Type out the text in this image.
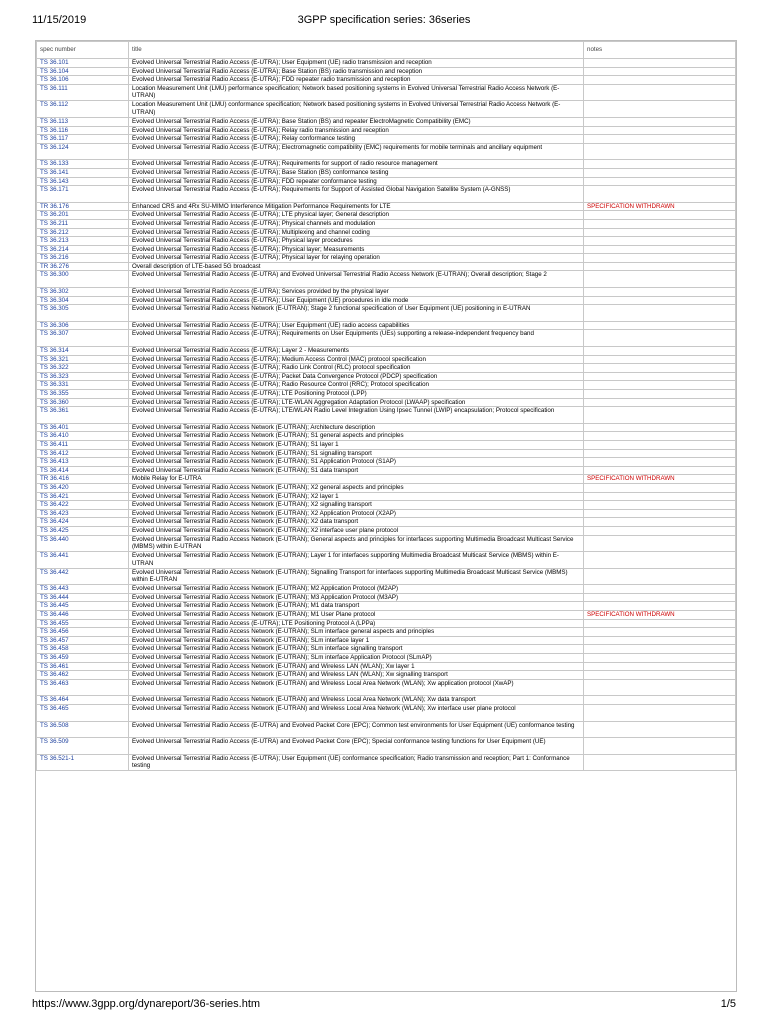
11/15/2019	3GPP specification series: 36series
spec number	title	notes
TS 36.101	Evolved Universal Terrestrial Radio Access (E-UTRA); User Equipment (UE) radio transmission and reception	
TS 36.104	Evolved Universal Terrestrial Radio Access (E-UTRA); Base Station (BS) radio transmission and reception	
TS 36.106	Evolved Universal Terrestrial Radio Access (E-UTRA); FDD repeater radio transmission and reception	
TS 36.111	Location Measurement Unit (LMU) performance specification; Network based positioning systems in Evolved Universal Terrestrial Radio Access Network (E-UTRAN)	
TS 36.112	Location Measurement Unit (LMU) conformance specification; Network based positioning systems in Evolved Universal Terrestrial Radio Access Network (E-UTRAN)	
TS 36.113	Evolved Universal Terrestrial Radio Access (E-UTRA); Base Station (BS) and repeater ElectroMagnetic Compatibility (EMC)	
TS 36.116	Evolved Universal Terrestrial Radio Access (E-UTRA); Relay radio transmission and reception	
TS 36.117	Evolved Universal Terrestrial Radio Access (E-UTRA); Relay conformance testing	
TS 36.124	Evolved Universal Terrestrial Radio Access (E-UTRA); Electromagnetic compatibility (EMC) requirements for mobile terminals and ancillary equipment	
TS 36.133	Evolved Universal Terrestrial Radio Access (E-UTRA); Requirements for support of radio resource management	
TS 36.141	Evolved Universal Terrestrial Radio Access (E-UTRA); Base Station (BS) conformance testing	
TS 36.143	Evolved Universal Terrestrial Radio Access (E-UTRA); FDD repeater conformance testing	
TS 36.171	Evolved Universal Terrestrial Radio Access (E-UTRA); Requirements for Support of Assisted Global Navigation Satellite System (A-GNSS)	
TR 36.176	Enhanced CRS and 4Rx SU-MIMO Interference Mitigation Performance Requirements for LTE	SPECIFICATION WITHDRAWN
TS 36.201	Evolved Universal Terrestrial Radio Access (E-UTRA); LTE physical layer; General description	
TS 36.211	Evolved Universal Terrestrial Radio Access (E-UTRA); Physical channels and modulation	
TS 36.212	Evolved Universal Terrestrial Radio Access (E-UTRA); Multiplexing and channel coding	
TS 36.213	Evolved Universal Terrestrial Radio Access (E-UTRA); Physical layer procedures	
TS 36.214	Evolved Universal Terrestrial Radio Access (E-UTRA); Physical layer; Measurements	
TS 36.216	Evolved Universal Terrestrial Radio Access (E-UTRA); Physical layer for relaying operation	
TR 36.276	Overall description of LTE-based 5G broadcast	
TS 36.300	Evolved Universal Terrestrial Radio Access (E-UTRA) and Evolved Universal Terrestrial Radio Access Network (E-UTRAN); Overall description; Stage 2	
TS 36.302	Evolved Universal Terrestrial Radio Access (E-UTRA); Services provided by the physical layer	
TS 36.304	Evolved Universal Terrestrial Radio Access (E-UTRA); User Equipment (UE) procedures in idle mode	
TS 36.305	Evolved Universal Terrestrial Radio Access Network (E-UTRAN); Stage 2 functional specification of User Equipment (UE) positioning in E-UTRAN	
TS 36.306	Evolved Universal Terrestrial Radio Access (E-UTRA); User Equipment (UE) radio access capabilities	
TS 36.307	Evolved Universal Terrestrial Radio Access (E-UTRA); Requirements on User Equipments (UEs) supporting a release-independent frequency band	
TS 36.314	Evolved Universal Terrestrial Radio Access (E-UTRA); Layer 2 - Measurements	
TS 36.321	Evolved Universal Terrestrial Radio Access (E-UTRA); Medium Access Control (MAC) protocol specification	
TS 36.322	Evolved Universal Terrestrial Radio Access (E-UTRA); Radio Link Control (RLC) protocol specification	
TS 36.323	Evolved Universal Terrestrial Radio Access (E-UTRA); Packet Data Convergence Protocol (PDCP) specification	
TS 36.331	Evolved Universal Terrestrial Radio Access (E-UTRA); Radio Resource Control (RRC); Protocol specification	
TS 36.355	Evolved Universal Terrestrial Radio Access (E-UTRA); LTE Positioning Protocol (LPP)	
TS 36.360	Evolved Universal Terrestrial Radio Access (E-UTRA); LTE-WLAN Aggregation Adaptation Protocol (LWAAP) specification	
TS 36.361	Evolved Universal Terrestrial Radio Access (E-UTRA); LTE/WLAN Radio Level Integration Using Ipsec Tunnel (LWIP) encapsulation; Protocol specification	
TS 36.401	Evolved Universal Terrestrial Radio Access Network (E-UTRAN); Architecture description	
TS 36.410	Evolved Universal Terrestrial Radio Access Network (E-UTRAN); S1 general aspects and principles	
TS 36.411	Evolved Universal Terrestrial Radio Access Network (E-UTRAN); S1 layer 1	
TS 36.412	Evolved Universal Terrestrial Radio Access Network (E-UTRAN); S1 signalling transport	
TS 36.413	Evolved Universal Terrestrial Radio Access Network (E-UTRAN); S1 Application Protocol (S1AP)	
TS 36.414	Evolved Universal Terrestrial Radio Access Network (E-UTRAN); S1 data transport	
TR 36.416	Mobile Relay for E-UTRA	SPECIFICATION WITHDRAWN
TS 36.420	Evolved Universal Terrestrial Radio Access Network (E-UTRAN); X2 general aspects and principles	
TS 36.421	Evolved Universal Terrestrial Radio Access Network (E-UTRAN); X2 layer 1	
TS 36.422	Evolved Universal Terrestrial Radio Access Network (E-UTRAN); X2 signalling transport	
TS 36.423	Evolved Universal Terrestrial Radio Access Network (E-UTRAN); X2 Application Protocol (X2AP)	
TS 36.424	Evolved Universal Terrestrial Radio Access Network (E-UTRAN); X2 data transport	
TS 36.425	Evolved Universal Terrestrial Radio Access Network (E-UTRAN); X2 interface user plane protocol	
TS 36.440	Evolved Universal Terrestrial Radio Access Network (E-UTRAN); General aspects and principles for interfaces supporting Multimedia Broadcast Multicast Service (MBMS) within E-UTRAN	
TS 36.441	Evolved Universal Terrestrial Radio Access Network (E-UTRAN); Layer 1 for interfaces supporting Multimedia Broadcast Multicast Service (MBMS) within E-UTRAN	
TS 36.442	Evolved Universal Terrestrial Radio Access Network (E-UTRAN); Signalling Transport for interfaces supporting Multimedia Broadcast Multicast Service (MBMS) within E-UTRAN	
TS 36.443	Evolved Universal Terrestrial Radio Access Network (E-UTRAN); M2 Application Protocol (M2AP)	
TS 36.444	Evolved Universal Terrestrial Radio Access Network (E-UTRAN); M3 Application Protocol (M3AP)	
TS 36.445	Evolved Universal Terrestrial Radio Access Network (E-UTRAN); M1 data transport	
TS 36.446	Evolved Universal Terrestrial Radio Access Network (E-UTRAN); M1 User Plane protocol	SPECIFICATION WITHDRAWN
TS 36.455	Evolved Universal Terrestrial Radio Access (E-UTRA); LTE Positioning Protocol A (LPPa)	
TS 36.456	Evolved Universal Terrestrial Radio Access Network (E-UTRAN); SLm interface general aspects and principles	
TS 36.457	Evolved Universal Terrestrial Radio Access Network (E-UTRAN); SLm interface layer 1	
TS 36.458	Evolved Universal Terrestrial Radio Access Network (E-UTRAN); SLm interface signalling transport	
TS 36.459	Evolved Universal Terrestrial Radio Access Network (E-UTRAN); SLm interface Application Protocol (SLmAP)	
TS 36.461	Evolved Universal Terrestrial Radio Access Network (E-UTRAN) and Wireless LAN (WLAN); Xw layer 1	
TS 36.462	Evolved Universal Terrestrial Radio Access Network (E-UTRAN) and Wireless LAN (WLAN); Xw signalling transport	
TS 36.463	Evolved Universal Terrestrial Radio Access Network (E-UTRAN) and Wireless Local Area Network (WLAN); Xw application protocol (XwAP)	
TS 36.464	Evolved Universal Terrestrial Radio Access Network (E-UTRAN) and Wireless Local Area Network (WLAN); Xw data transport	
TS 36.465	Evolved Universal Terrestrial Radio Access Network (E-UTRAN) and Wireless Local Area Network (WLAN); Xw interface user plane protocol	
TS 36.508	Evolved Universal Terrestrial Radio Access (E-UTRA) and Evolved Packet Core (EPC); Common test environments for User Equipment (UE) conformance testing	
TS 36.509	Evolved Universal Terrestrial Radio Access (E-UTRA) and Evolved Packet Core (EPC); Special conformance testing functions for User Equipment (UE)	
TS 36.521-1	Evolved Universal Terrestrial Radio Access (E-UTRA); User Equipment (UE) conformance specification; Radio transmission and reception; Part 1: Conformance testing	
https://www.3gpp.org/dynareport/36-series.htm	1/5
